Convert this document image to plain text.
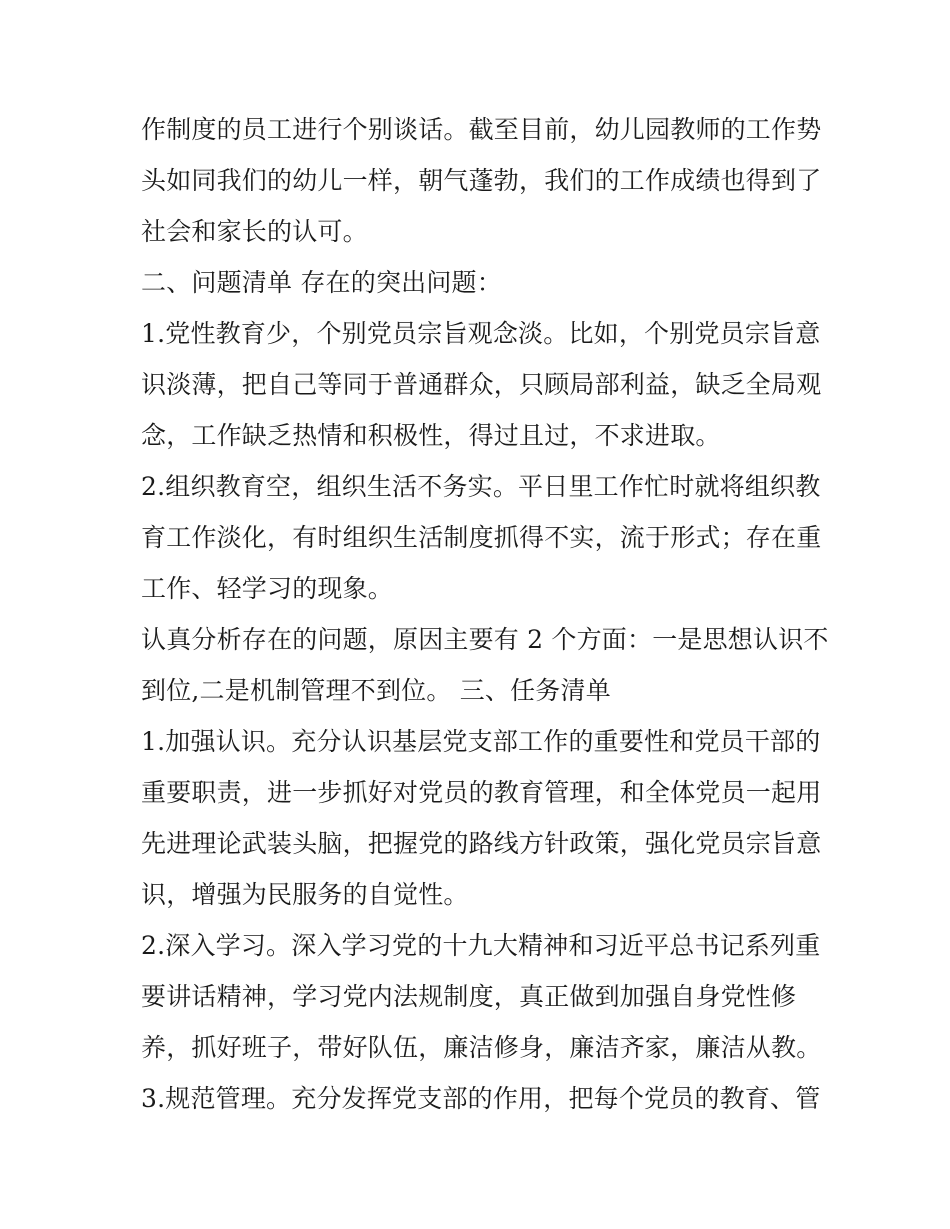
作制度的员工进行个别谈话。截至目前，幼儿园教师的工作势
头如同我们的幼儿一样，朝气蓬勃，我们的工作成绩也得到了
社会和家长的认可。
二、问题清单 存在的突出问题：
1.党性教育少，个别党员宗旨观念淡。比如，个别党员宗旨意
识淡薄，把自己等同于普通群众，只顾局部利益，缺乏全局观
念，工作缺乏热情和积极性，得过且过，不求进取。
2.组织教育空，组织生活不务实。平日里工作忙时就将组织教
育工作淡化，有时组织生活制度抓得不实，流于形式；存在重
工作、轻学习的现象。
认真分析存在的问题，原因主要有 2 个方面：一是思想认识不
到位,二是机制管理不到位。 三、任务清单
1.加强认识。充分认识基层党支部工作的重要性和党员干部的
重要职责，进一步抓好对党员的教育管理，和全体党员一起用
先进理论武装头脑，把握党的路线方针政策，强化党员宗旨意
识，增强为民服务的自觉性。
2.深入学习。深入学习党的十九大精神和习近平总书记系列重
要讲话精神，学习党内法规制度，真正做到加强自身党性修
养，抓好班子，带好队伍，廉洁修身，廉洁齐家，廉洁从教。
3.规范管理。充分发挥党支部的作用，把每个党员的教育、管
